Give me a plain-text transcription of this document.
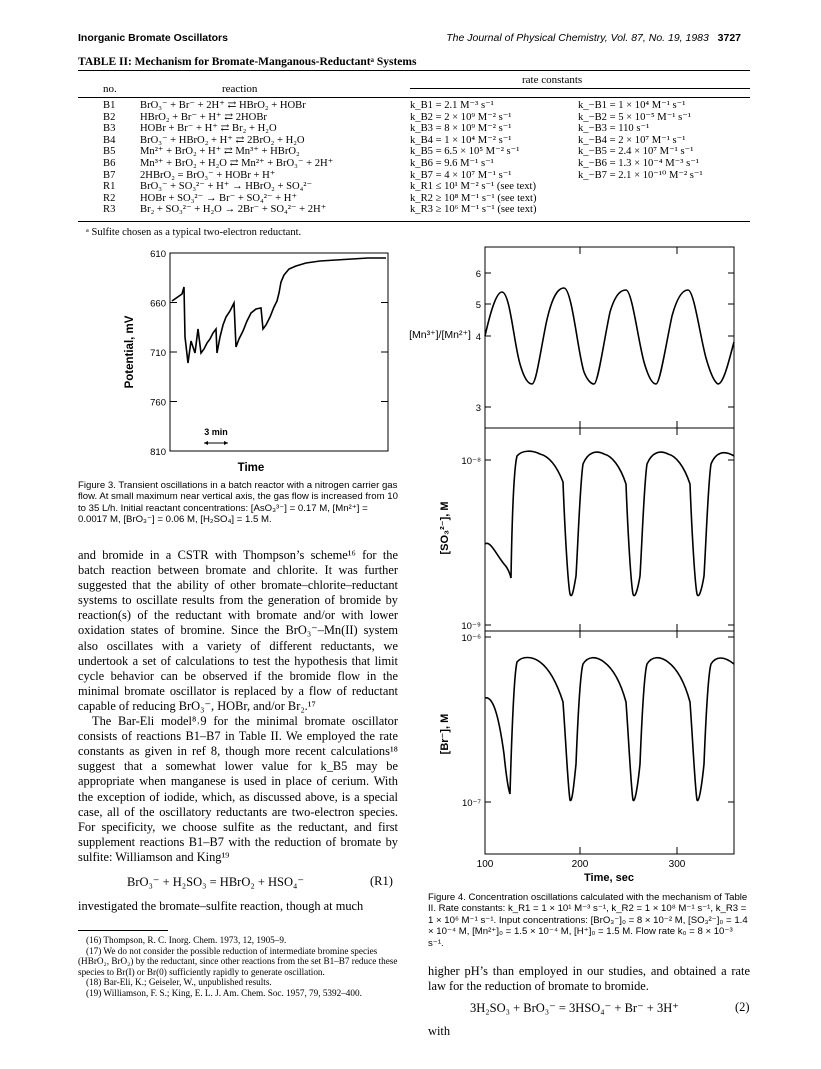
Inorganic Bromate Oscillators	The Journal of Physical Chemistry, Vol. 87, No. 19, 1983 3727
TABLE II: Mechanism for Bromate-Manganous-Reductantᵃ Systems
rate constants
no.	reaction
B1 BrO₃⁻ + Br⁻ + 2H⁺ ⇄ HBrO₂ + HOBr	k_B1 = 2.1 M⁻³ s⁻¹	k_−B1 = 1 × 10⁴ M⁻¹ s⁻¹
B2 HBrO₂ + Br⁻ + H⁺ ⇄ 2HOBr	k_B2 = 2 × 10⁹ M⁻² s⁻¹	k_−B2 = 5 × 10⁻⁵ M⁻¹ s⁻¹
B3 HOBr + Br⁻ + H⁺ ⇄ Br₂ + H₂O	k_B3 = 8 × 10⁹ M⁻² s⁻¹	k_−B3 = 110 s⁻¹
B4 BrO₃⁻ + HBrO₂ + H⁺ ⇄ 2BrO₂ + H₂O	k_B4 = 1 × 10⁴ M⁻² s⁻¹	k_−B4 = 2 × 10⁷ M⁻¹ s⁻¹
B5 Mn²⁺ + BrO₂ + H⁺ ⇄ Mn³⁺ + HBrO₂	k_B5 = 6.5 × 10⁵ M⁻² s⁻¹	k_−B5 = 2.4 × 10⁷ M⁻¹ s⁻¹
B6 Mn³⁺ + BrO₂ + H₂O ⇄ Mn²⁺ + BrO₃⁻ + 2H⁺	k_B6 = 9.6 M⁻¹ s⁻¹	k_−B6 = 1.3 × 10⁻⁴ M⁻³ s⁻¹
B7 2HBrO₂ = BrO₃⁻ + HOBr + H⁺	k_B7 = 4 × 10⁷ M⁻¹ s⁻¹	k_−B7 = 2.1 × 10⁻¹⁰ M⁻² s⁻¹
R1 BrO₃⁻ + SO₃²⁻ + H⁺ → HBrO₂ + SO₄²⁻	k_R1 ≤ 10¹ M⁻² s⁻¹ (see text)
R2 HOBr + SO₃²⁻ → Br⁻ + SO₄²⁻ + H⁺	k_R2 ≥ 10⁸ M⁻¹ s⁻¹ (see text)
R3 Br₂ + SO₃²⁻ + H₂O → 2Br⁻ + SO₄²⁻ + 2H⁺	k_R3 ≥ 10⁶ M⁻¹ s⁻¹ (see text)
ᵃ Sulfite chosen as a typical two-electron reductant.
610
660
710
760
810
Time
Potential, mV
3 min
Figure 3. Transient oscillations in a batch reactor with a nitrogen carrier gas flow. At small maximum near vertical axis, the gas flow is increased from 10 to 35 L/h. Initial reactant concentrations: [AsO₃³⁻] = 0.17 M, [Mn²⁺] = 0.0017 M, [BrO₃⁻] = 0.06 M, [H₂SO₄] = 1.5 M.

and bromide in a CSTR with Thompson’s scheme¹⁶ for the batch reaction between bromate and chlorite. It was further suggested that the ability of other bromate–chlorite–reductant systems to oscillate results from the generation of bromide by reaction(s) of the reductant with bromate and/or with lower oxidation states of bromine. Since the BrO₃⁻–Mn(II) system also oscillates with a variety of different reductants, we undertook a set of calculations to test the hypothesis that limit cycle behavior can be observed if the bromide flow in the minimal bromate oscillator is replaced by a flow of reductant capable of reducing BrO₃⁻, HOBr, and/or Br₂.¹⁷

The Bar-Eli model⁸˒9 for the minimal bromate oscillator consists of reactions B1–B7 in Table II. We employed the rate constants as given in ref 8, though more recent calculations¹⁸ suggest that a somewhat lower value for k_B5 may be appropriate when manganese is used in place of cerium. With the exception of iodide, which, as discussed above, is a special case, all of the oscillatory reductants are two-electron species. For specificity, we choose sulfite as the reductant, and first supplement reactions B1–B7 with the reduction of bromate by sulfite: Williamson and King¹⁹

BrO₃⁻ + H₂SO₃ = HBrO₂ + HSO₄⁻	(R1)
investigated the bromate–sulfite reaction, though at much

(16) Thompson, R. C. Inorg. Chem. 1973, 12, 1905–9.

(17) We do not consider the possible reduction of intermediate bromine species (HBrO₂, BrO₂) by the reductant, since other reactions from the set B1–B7 reduce these species to Br(I) or Br(0) sufficiently rapidly to generate oscillation.

(18) Bar-Eli, K.; Geiseler, W., unpublished results.

(19) Williamson, F. S.; King, E. L. J. Am. Chem. Soc. 1957, 79, 5392–400.

6
5
4
3
10⁻⁸
10⁻⁹
10⁻⁶
10⁻⁷
100	200	300
Time, sec
[Mn³⁺]/[Mn²⁺]
[SO₃²⁻], M
[Br⁻], M
Figure 4. Concentration oscillations calculated with the mechanism of Table II. Rate constants: k_R1 = 1 × 10¹ M⁻³ s⁻¹, k_R2 = 1 × 10⁸ M⁻¹ s⁻¹, k_R3 = 1 × 10⁶ M⁻¹ s⁻¹. Input concentrations: [BrO₃⁻]₀ = 8 × 10⁻² M, [SO₃²⁻]₀ = 1.4 × 10⁻⁴ M, [Mn²⁺]₀ = 1.5 × 10⁻⁴ M, [H⁺]₀ = 1.5 M. Flow rate k₀ = 8 × 10⁻³ s⁻¹.
higher pH’s than employed in our studies, and obtained a rate law for the reduction of bromate to bromide.
3H₂SO₃ + BrO₃⁻ = 3HSO₄⁻ + Br⁻ + 3H⁺	(2)
with
